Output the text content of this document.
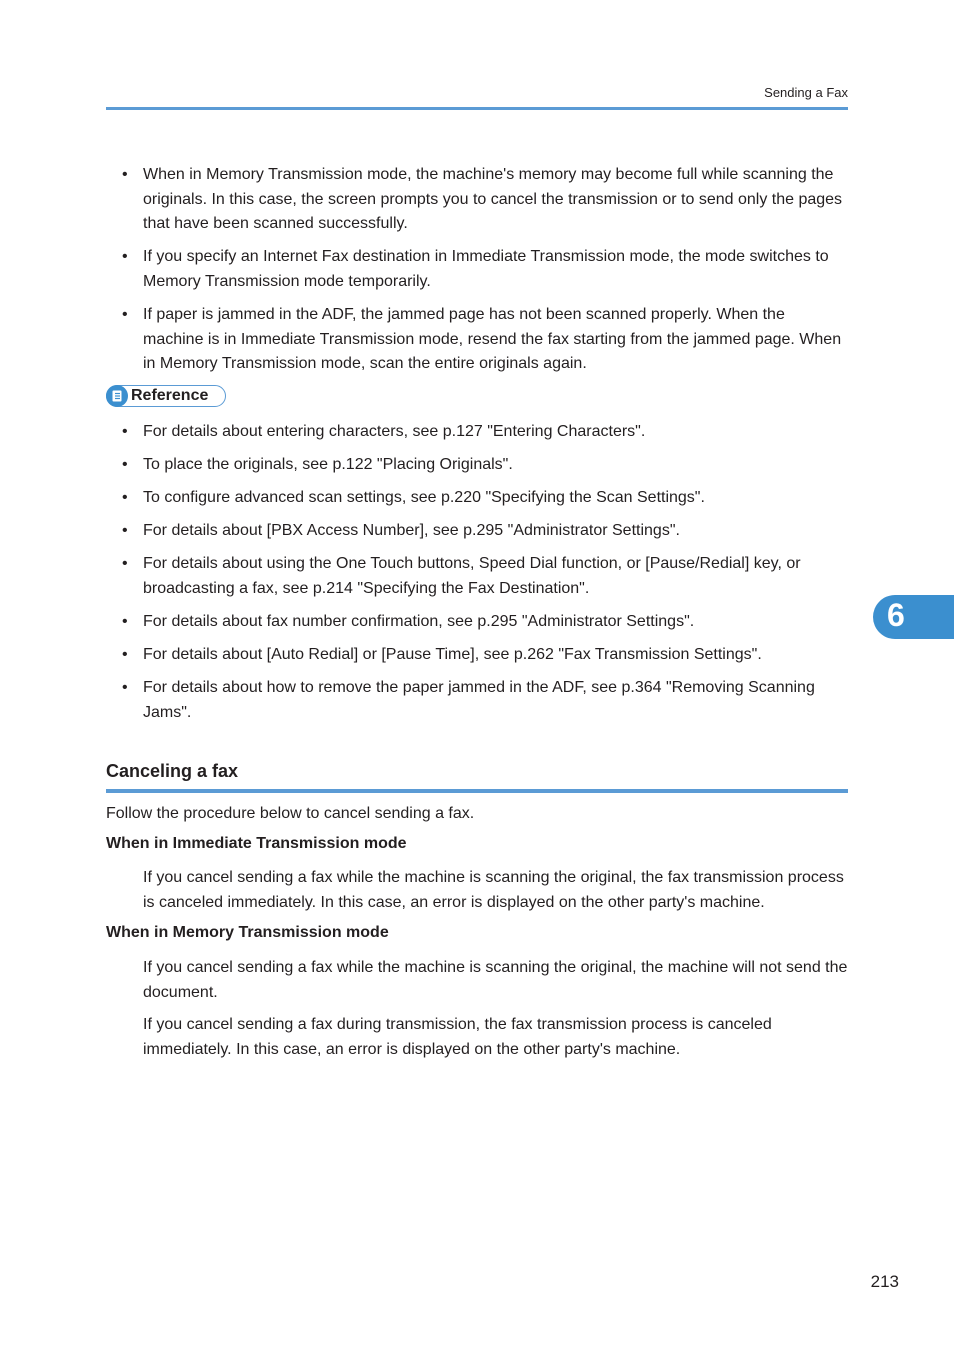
Sending a Fax
• When in Memory Transmission mode, the machine's memory may become full while scanning the originals. In this case, the screen prompts you to cancel the transmission or to send only the pages that have been scanned successfully.
• If you specify an Internet Fax destination in Immediate Transmission mode, the mode switches to Memory Transmission mode temporarily.
• If paper is jammed in the ADF, the jammed page has not been scanned properly. When the machine is in Immediate Transmission mode, resend the fax starting from the jammed page. When in Memory Transmission mode, scan the entire originals again.
Reference
• For details about entering characters, see p.127 "Entering Characters".
• To place the originals, see p.122 "Placing Originals".
• To configure advanced scan settings, see p.220 "Specifying the Scan Settings".
• For details about [PBX Access Number], see p.295 "Administrator Settings".
• For details about using the One Touch buttons, Speed Dial function, or [Pause/Redial] key, or broadcasting a fax, see p.214 "Specifying the Fax Destination".
• For details about fax number confirmation, see p.295 "Administrator Settings".
• For details about [Auto Redial] or [Pause Time], see p.262 "Fax Transmission Settings".
• For details about how to remove the paper jammed in the ADF, see p.364 "Removing Scanning Jams".
Canceling a fax

Follow the procedure below to cancel sending a fax.

When in Immediate Transmission mode

If you cancel sending a fax while the machine is scanning the original, the fax transmission process is canceled immediately. In this case, an error is displayed on the other party's machine.

When in Memory Transmission mode

If you cancel sending a fax while the machine is scanning the original, the machine will not send the document.

If you cancel sending a fax during transmission, the fax transmission process is canceled immediately. In this case, an error is displayed on the other party's machine.

6
213
